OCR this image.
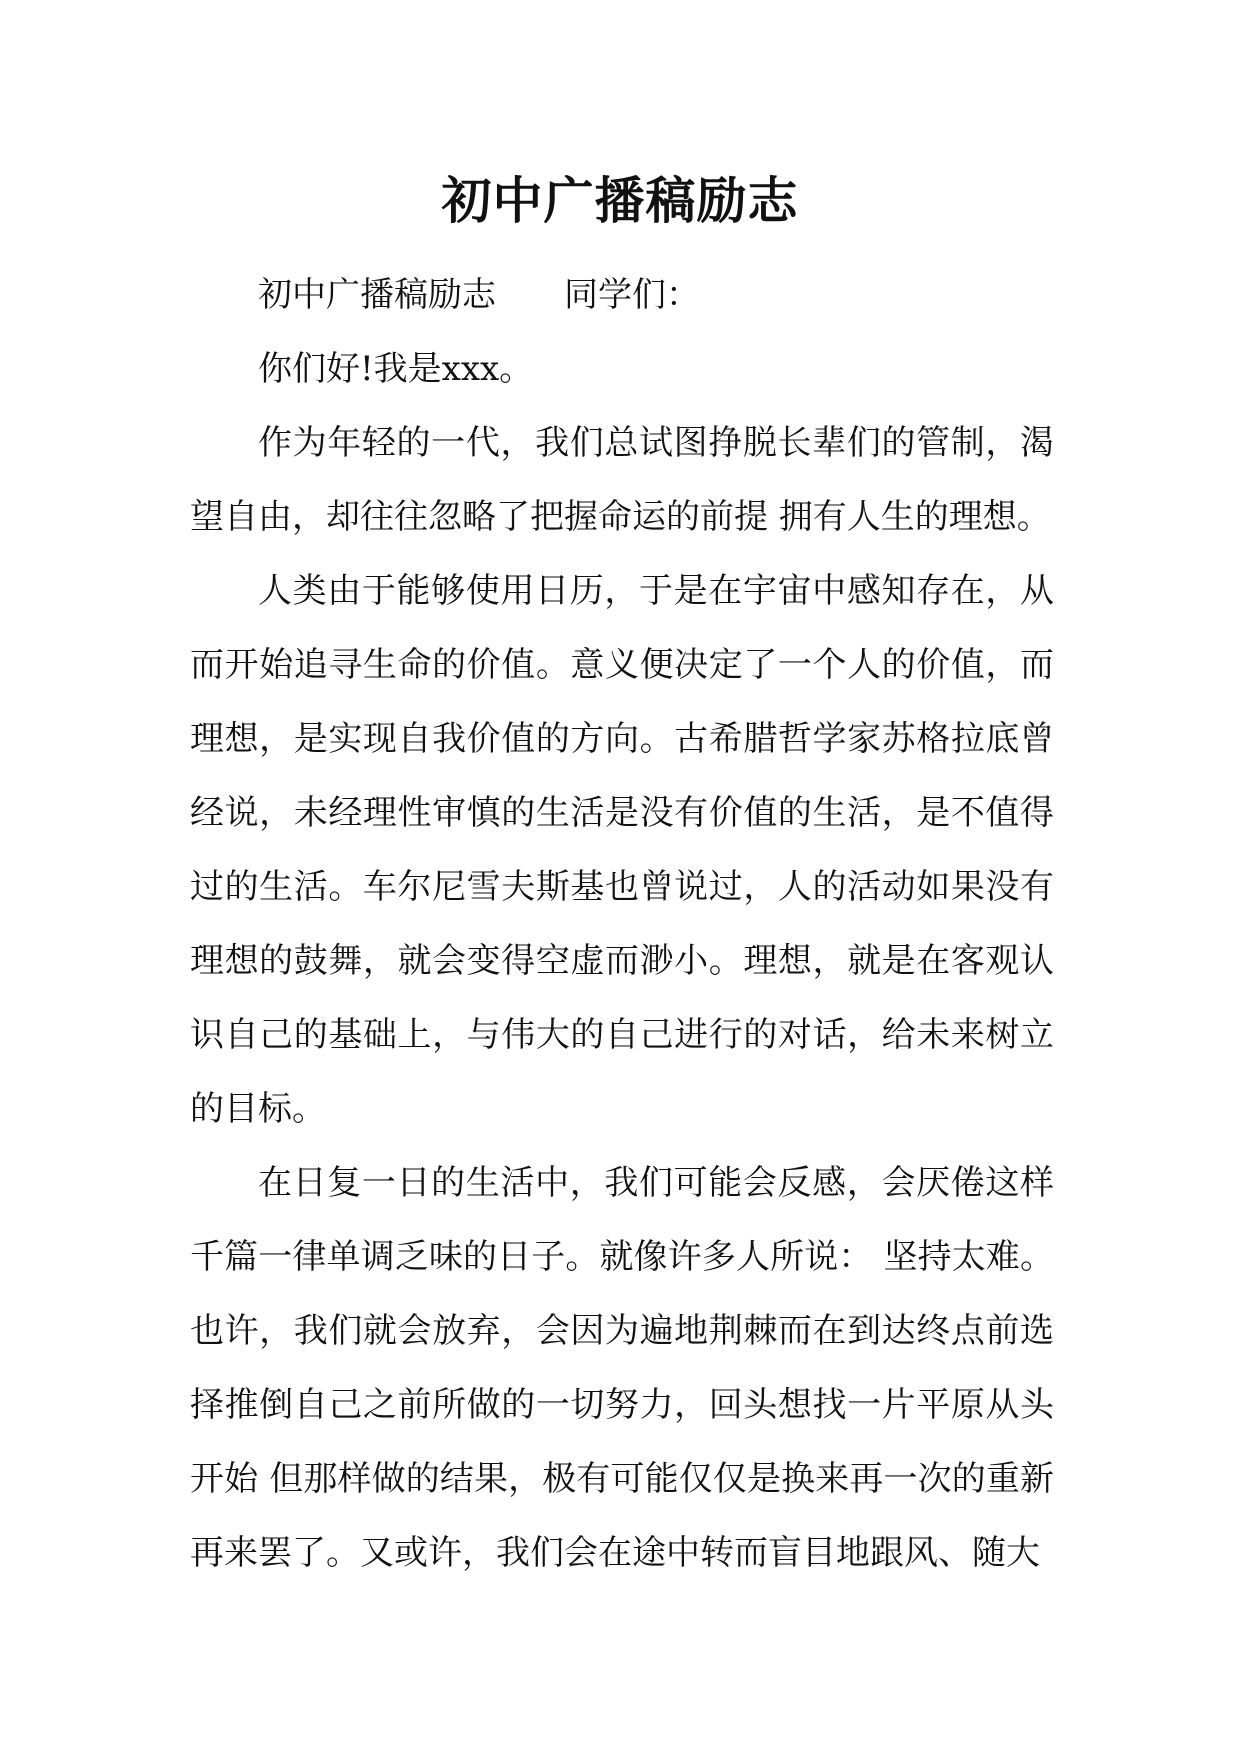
初中广播稿励志

初中广播稿励志 同学们：

你们好!我是xxx。

作为年轻的一代，我们总试图挣脱长辈们的管制，渴望自由，却往往忽略了把握命运的前提 拥有人生的理想。

人类由于能够使用日历，于是在宇宙中感知存在，从而开始追寻生命的价值。意义便决定了一个人的价值，而理想，是实现自我价值的方向。古希腊哲学家苏格拉底曾经说，未经理性审慎的生活是没有价值的生活，是不值得过的生活。车尔尼雪夫斯基也曾说过，人的活动如果没有理想的鼓舞，就会变得空虚而渺小。理想，就是在客观认识自己的基础上，与伟大的自己进行的对话，给未来树立的目标。

在日复一日的生活中，我们可能会反感，会厌倦这样千篇一律单调乏味的日子。就像许多人所说： 坚持太难。也许，我们就会放弃，会因为遍地荆棘而在到达终点前选择推倒自己之前所做的一切努力，回头想找一片平原从头开始 但那样做的结果，极有可能仅仅是换来再一次的重新再来罢了。又或许，我们会在途中转而盲目地跟风、随大
